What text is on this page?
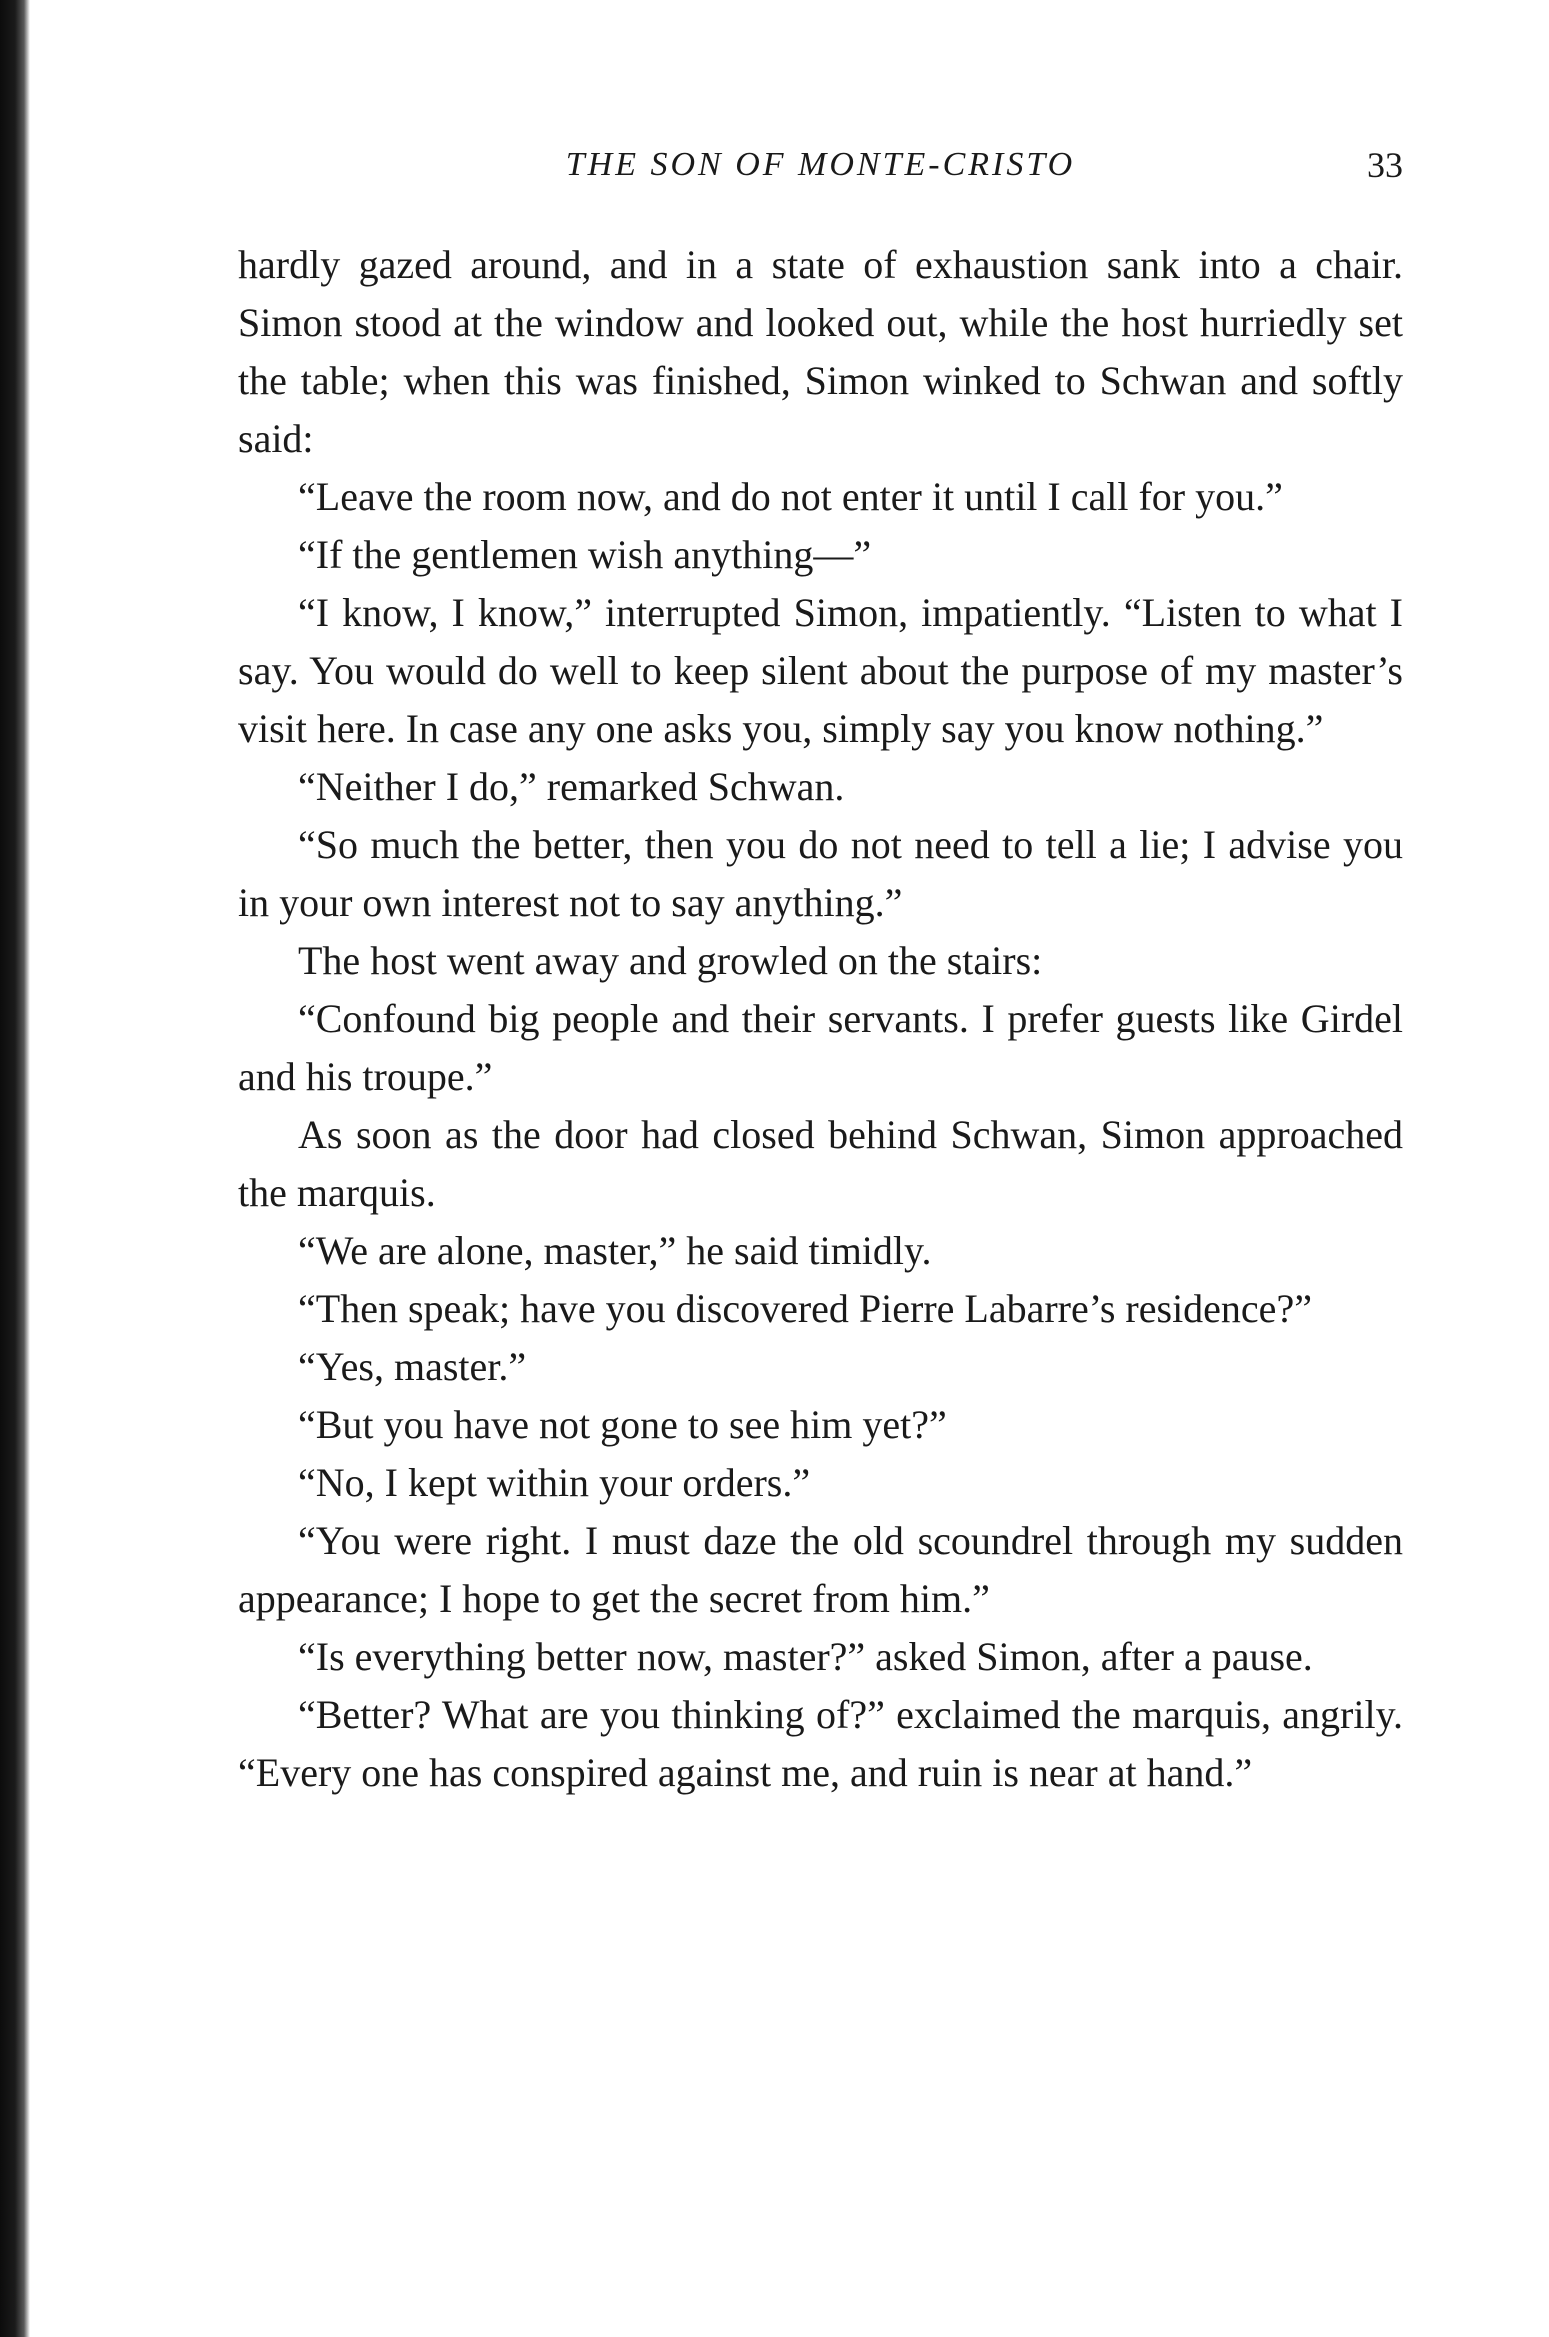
THE SON OF MONTE-CRISTO	33

hardly gazed around, and in a state of exhaustion sank into a chair. Simon stood at the window and looked out, while the host hurriedly set the table; when this was finished, Simon winked to Schwan and softly said:

“Leave the room now, and do not enter it until I call for you.”

“If the gentlemen wish anything—”

“I know, I know,” interrupted Simon, impatiently. “Listen to what I say. You would do well to keep silent about the purpose of my master’s visit here. In case any one asks you, simply say you know nothing.”

“Neither I do,” remarked Schwan.

“So much the better, then you do not need to tell a lie; I advise you in your own interest not to say anything.”

The host went away and growled on the stairs:

“Confound big people and their servants. I prefer guests like Girdel and his troupe.”

As soon as the door had closed behind Schwan, Simon approached the marquis.

“We are alone, master,” he said timidly.

“Then speak; have you discovered Pierre Labarre’s residence?”

“Yes, master.”

“But you have not gone to see him yet?”

“No, I kept within your orders.”

“You were right. I must daze the old scoundrel through my sudden appearance; I hope to get the secret from him.”

“Is everything better now, master?” asked Simon, after a pause.

“Better? What are you thinking of?” exclaimed the marquis, angrily. “Every one has conspired against me, and ruin is near at hand.”
